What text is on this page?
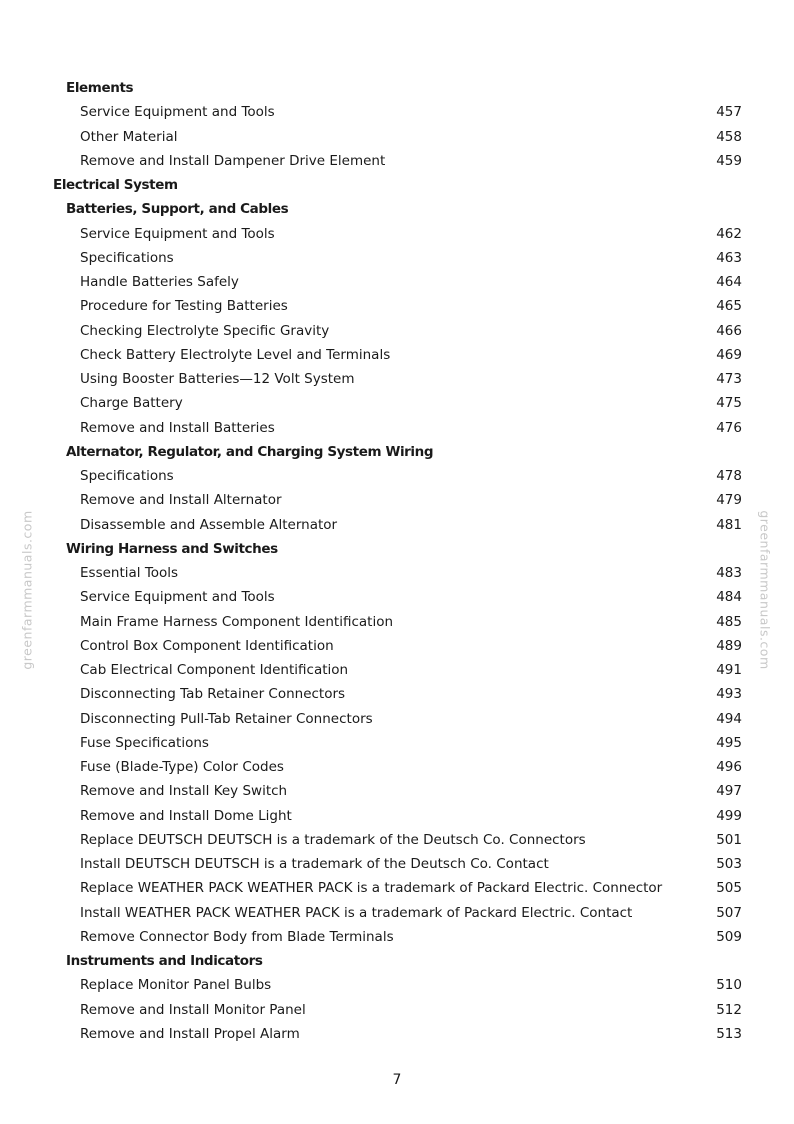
greenfarmmanuals.com	greenfarmmanuals.com
Elements
Service Equipment and Tools	457
Other Material	458
Remove and Install Dampener Drive Element	459
Electrical System
Batteries, Support, and Cables
Service Equipment and Tools	462
Specifications	463
Handle Batteries Safely	464
Procedure for Testing Batteries	465
Checking Electrolyte Specific Gravity	466
Check Battery Electrolyte Level and Terminals	469
Using Booster Batteries—12 Volt System	473
Charge Battery	475
Remove and Install Batteries	476
Alternator, Regulator, and Charging System Wiring
Specifications	478
Remove and Install Alternator	479
Disassemble and Assemble Alternator	481
Wiring Harness and Switches
Essential Tools	483
Service Equipment and Tools	484
Main Frame Harness Component Identification	485
Control Box Component Identification	489
Cab Electrical Component Identification	491
Disconnecting Tab Retainer Connectors	493
Disconnecting Pull-Tab Retainer Connectors	494
Fuse Specifications	495
Fuse (Blade-Type) Color Codes	496
Remove and Install Key Switch	497
Remove and Install Dome Light	499
Replace DEUTSCH DEUTSCH is a trademark of the Deutsch Co. Connectors	501
Install DEUTSCH DEUTSCH is a trademark of the Deutsch Co. Contact	503
Replace WEATHER PACK WEATHER PACK is a trademark of Packard Electric. Connector	505
Install WEATHER PACK WEATHER PACK is a trademark of Packard Electric. Contact	507
Remove Connector Body from Blade Terminals	509
Instruments and Indicators
Replace Monitor Panel Bulbs	510
Remove and Install Monitor Panel	512
Remove and Install Propel Alarm	513
7
